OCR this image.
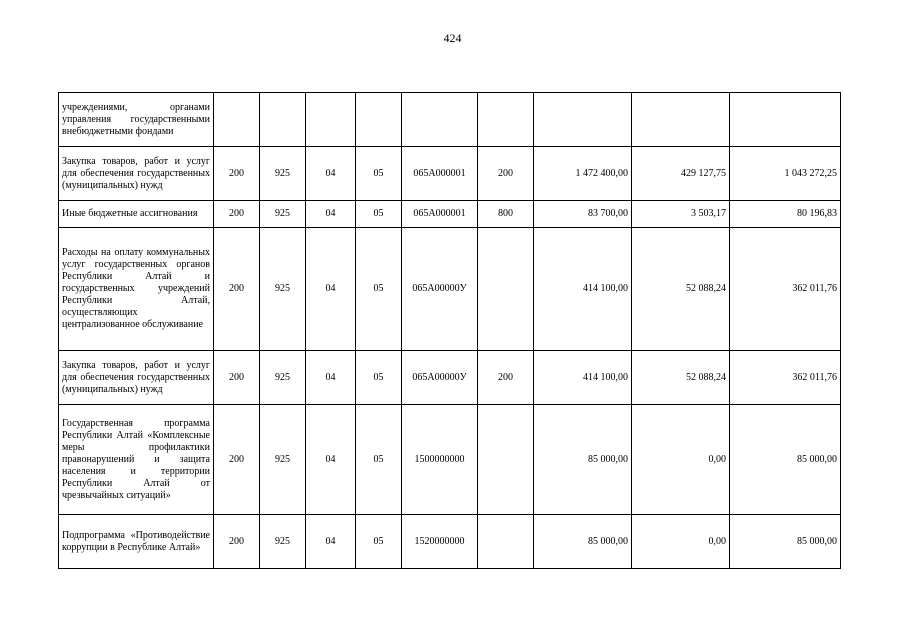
424
учреждениями, органами управления государственными внебюджетными фондами									
Закупка товаров, работ и услуг для обеспечения государственных (муниципальных) нужд	200	925	04	05	065А000001	200	1 472 400,00	429 127,75	1 043 272,25
Иные бюджетные ассигнования	200	925	04	05	065А000001	800	83 700,00	3 503,17	80 196,83
Расходы на оплату коммунальных услуг государственных органов Республики Алтай и государственных учреждений Республики Алтай, осуществляющих централизованное обслуживание	200	925	04	05	065А00000У		414 100,00	52 088,24	362 011,76
Закупка товаров, работ и услуг для обеспечения государственных (муниципальных) нужд	200	925	04	05	065А00000У	200	414 100,00	52 088,24	362 011,76
Государственная программа Республики Алтай «Комплексные меры профилактики правонарушений и защита населения и территории Республики Алтай от чрезвычайных ситуаций»	200	925	04	05	1500000000		85 000,00	0,00	85 000,00
Подпрограмма «Противодействие коррупции в Республике Алтай»	200	925	04	05	1520000000		85 000,00	0,00	85 000,00
